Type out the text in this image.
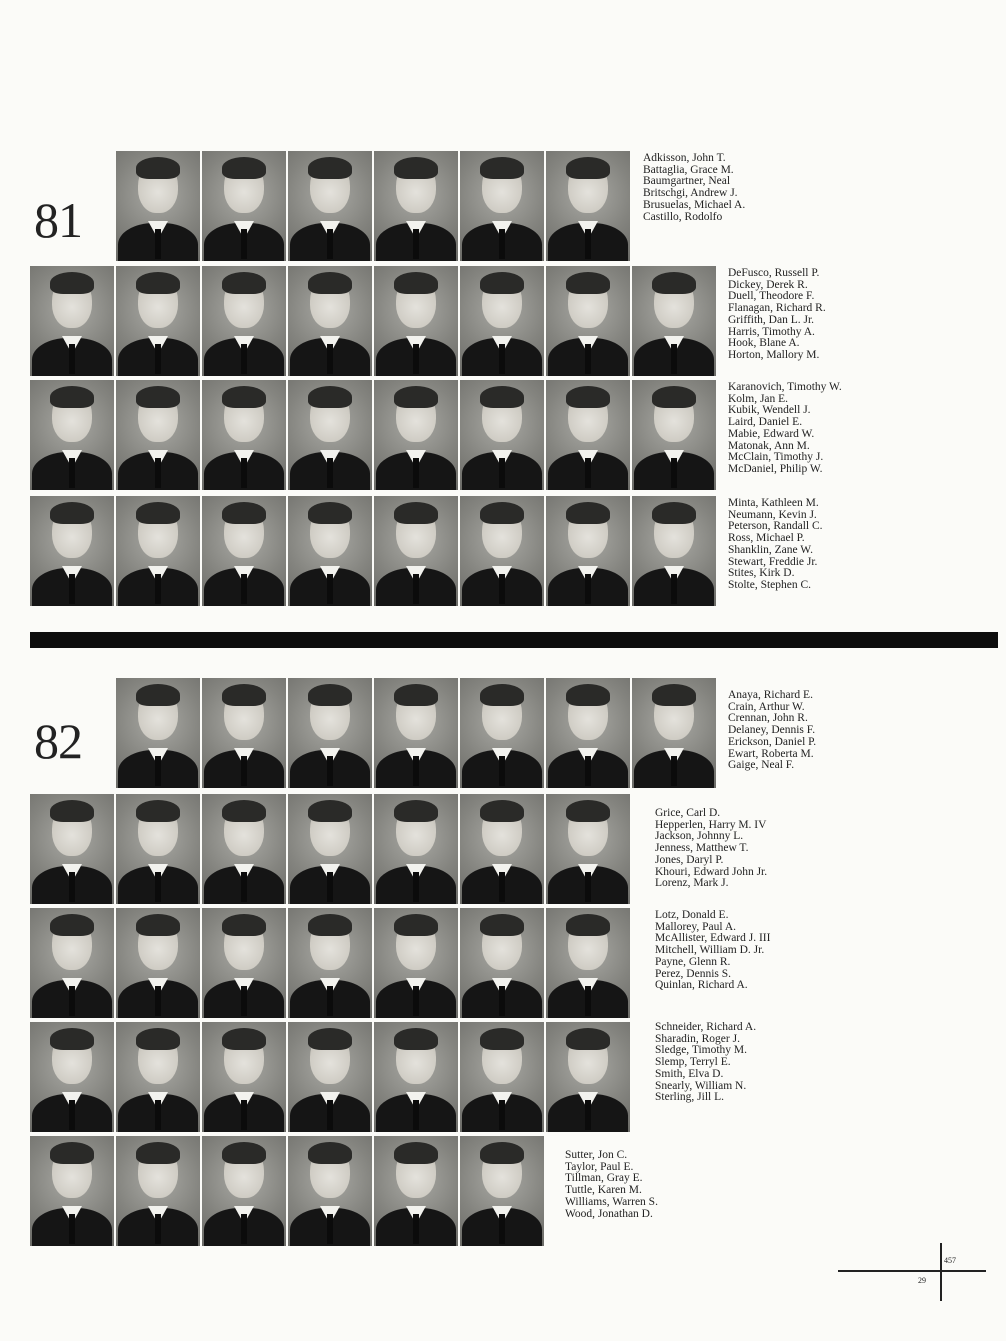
81
82
457
29
Adkisson, John T.
Battaglia, Grace M.
Baumgartner, Neal
Britschgi, Andrew J.
Brusuelas, Michael A.
Castillo, Rodolfo
DeFusco, Russell P.
Dickey, Derek R.
Duell, Theodore F.
Flanagan, Richard R.
Griffith, Dan L. Jr.
Harris, Timothy A.
Hook, Blane A.
Horton, Mallory M.
Karanovich, Timothy W.
Kolm, Jan E.
Kubik, Wendell J.
Laird, Daniel E.
Mabie, Edward W.
Matonak, Ann M.
McClain, Timothy J.
McDaniel, Philip W.
Minta, Kathleen M.
Neumann, Kevin J.
Peterson, Randall C.
Ross, Michael P.
Shanklin, Zane W.
Stewart, Freddie Jr.
Stites, Kirk D.
Stolte, Stephen C.
Anaya, Richard E.
Crain, Arthur W.
Crennan, John R.
Delaney, Dennis F.
Erickson, Daniel P.
Ewart, Roberta M.
Gaige, Neal F.
Grice, Carl D.
Hepperlen, Harry M. IV
Jackson, Johnny L.
Jenness, Matthew T.
Jones, Daryl P.
Khouri, Edward John Jr.
Lorenz, Mark J.
Lotz, Donald E.
Mallorey, Paul A.
McAllister, Edward J. III
Mitchell, William D. Jr.
Payne, Glenn R.
Perez, Dennis S.
Quinlan, Richard A.
Schneider, Richard A.
Sharadin, Roger J.
Sledge, Timothy M.
Slemp, Terryl E.
Smith, Elva D.
Snearly, William N.
Sterling, Jill L.
Sutter, Jon C.
Taylor, Paul E.
Tillman, Gray E.
Tuttle, Karen M.
Williams, Warren S.
Wood, Jonathan D.
